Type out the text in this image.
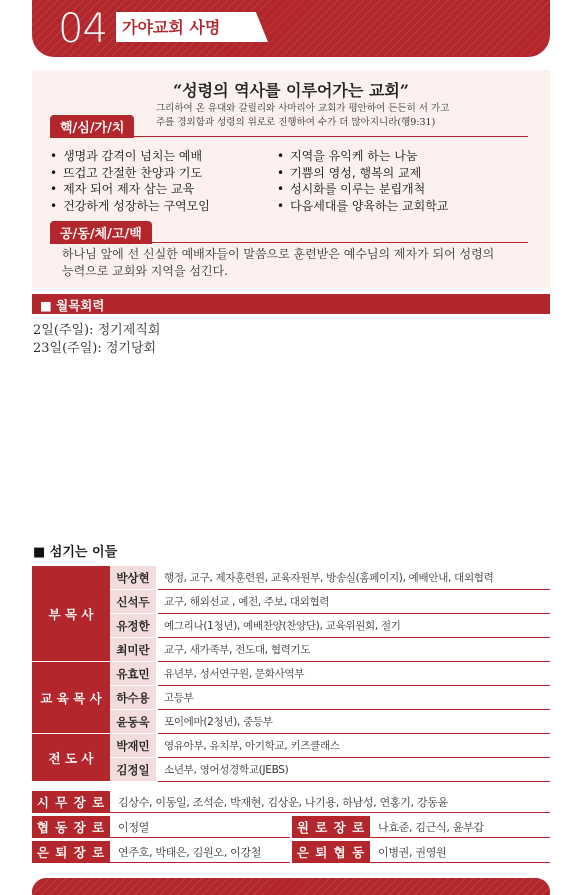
04 가야교회 사명
“성령의 역사를 이루어가는 교회”
핵/심/가/치
그리하여 온 유대와 갈릴리와 사마리아 교회가 평안하여 든든히 서 가고
주를 경외함과 성령의 위로로 진행하여 수가 더 많아지니라(행9:31)
• 생명과 감격이 넘치는 예배
• 뜨겁고 간절한 찬양과 기도
• 제자 되어 제자 삼는 교육
• 건강하게 성장하는 구역모임
• 지역을 유익케 하는 나눔
• 기쁨의 영성, 행복의 교제
• 성시화를 이루는 분립개척
• 다음세대를 양육하는 교회학교
공/동/체/고/백
하나님 앞에 선 신실한 예배자들이 말씀으로 훈련받은 예수님의 제자가 되어 성령의
능력으로 교회와 지역을 섬긴다.
■ 월목회력
2일(주일): 정기제직회
23일(주일): 정기당회
■ 섬기는 이들
부 목 사
박상현	행정, 교구, 제자훈련원, 교육자원부, 방송실(홈페이지), 예배안내, 대외협력
신석두	교구, 해외선교 , 예전, 주보, 대외협력
유정한	예그리나(1청년), 예배찬양(찬양단), 교육위원회, 절기
최미란	교구, 새가족부, 전도대, 협력기도
교 육 목 사
유효민	유년부, 성서연구원, 문화사역부
하수용	고등부
윤동욱	포이에마(2청년), 중등부
전 도 사
박재민	영유아부, 유치부, 아기학교, 키즈클래스
김정일	소년부, 영어성경학교(JEBS)
시 무 장 로	김상수, 이동일, 조석순, 박재현, 김상운, 나기용, 하남성, 연홍기, 강동윤
협 동 장 로	이정열	원 로 장 로	나효준, 김근식, 윤부갑
은 퇴 장 로	연주호, 박태은, 김원오, 이강철	은 퇴 협 동	이병권, 권영원
